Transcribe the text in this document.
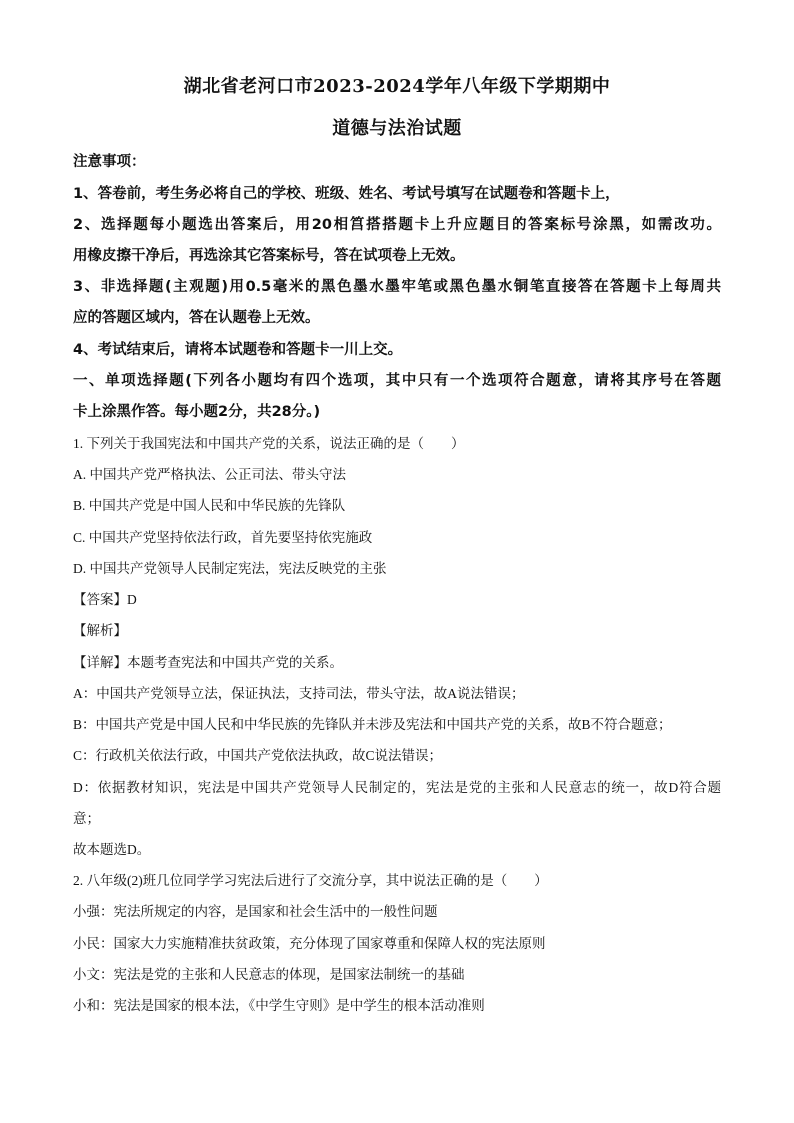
湖北省老河口市2023-2024学年八年级下学期期中
道德与法治试题
注意事项：
1、答卷前，考生务必将自己的学校、班级、姓名、考试号填写在试题卷和答题卡上，
2、选择题每小题选出答案后，用20相筥搭搭题卡上升应题目的答案标号涂黑，如需改功。
用橡皮擦干净后，再选涂其它答案标号，答在试项卷上无效。
3、非选择题(主观题)用0.5毫米的黑色墨水墨牢笔或黑色墨水铜笔直接答在答题卡上每周共
应的答题区域内，答在认题卷上无效。
4、考试结束后，请将本试题卷和答题卡一川上交。
一、单项选择题(下列各小题均有四个选项，其中只有一个选项符合题意，请将其序号在答题
卡上涂黑作答。每小题2分，共28分。)
1. 下列关于我国宪法和中国共产党的关系，说法正确的是（　　）
A. 中国共产党严格执法、公正司法、带头守法
B. 中国共产党是中国人民和中华民族的先锋队
C. 中国共产党坚持依法行政，首先要坚持依宪施政
D. 中国共产党领导人民制定宪法，宪法反映党的主张
【答案】D
【解析】
【详解】本题考查宪法和中国共产党的关系。
A：中国共产党领导立法，保证执法，支持司法，带头守法，故A说法错误；
B：中国共产党是中国人民和中华民族的先锋队并未涉及宪法和中国共产党的关系，故B不符合题意；
C：行政机关依法行政，中国共产党依法执政，故C说法错误；
D：依据教材知识，宪法是中国共产党领导人民制定的，宪法是党的主张和人民意志的统一，故D符合题
意；
故本题选D。
2. 八年级(2)班几位同学学习宪法后进行了交流分享，其中说法正确的是（　　）
小强：宪法所规定的内容，是国家和社会生活中的一般性问题
小民：国家大力实施精准扶贫政策，充分体现了国家尊重和保障人权的宪法原则
小文：宪法是党的主张和人民意志的体现，是国家法制统一的基础
小和：宪法是国家的根本法，《中学生守则》是中学生的根本活动准则
